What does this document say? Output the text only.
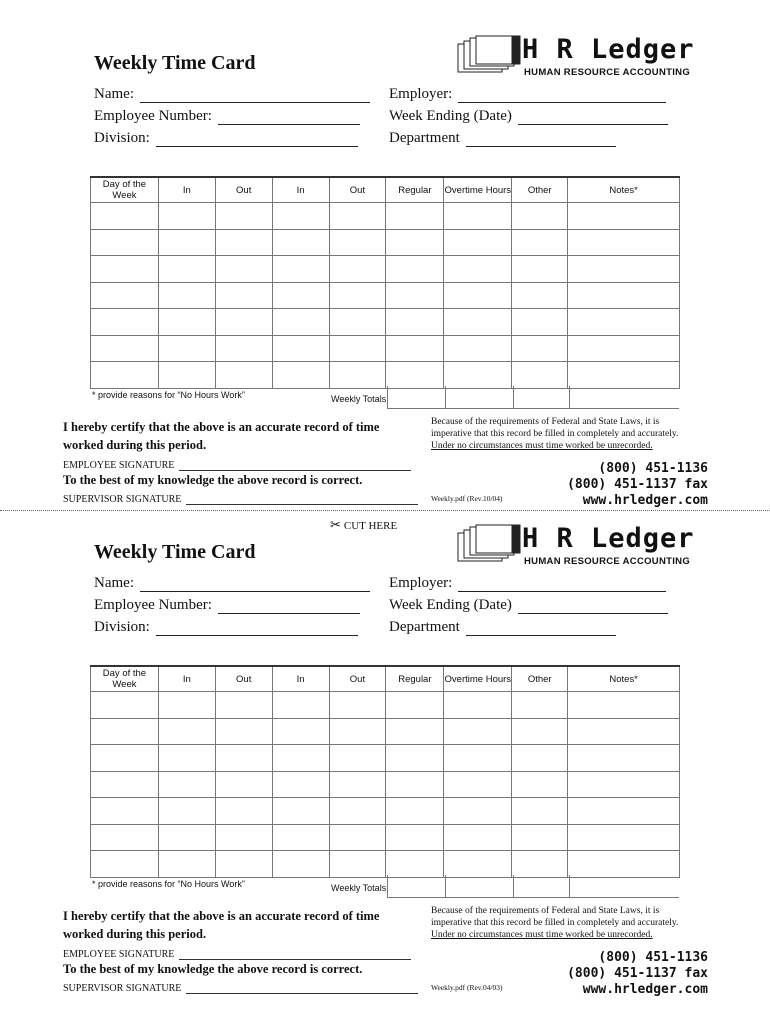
Weekly Time Card	H R Ledger
HUMAN RESOURCE ACCOUNTING
Name:
Employee Number:
Division:
Employer:
Week Ending (Date)
Department
Day of the Week	In	Out	In	Out	Regular	Overtime Hours	Other	Notes*

* provide reasons for “No Hours Work”	Weekly Totals
I hereby certify that the above is an accurate record of time worked during this period.
EMPLOYEE SIGNATURE
To the best of my knowledge the above record is correct.
SUPERVISOR SIGNATURE
Because of the requirements of Federal and State Laws, it is imperative that this record be filled in completely and accurately. Under no circumstances must time worked be unrecorded.
(800) 451-1136
(800) 451-1137 fax
www.hrledger.com
Weekly.pdf (Rev.10/04)
✂ CUT HERE
Weekly Time Card	H R Ledger
HUMAN RESOURCE ACCOUNTING
Name:
Employee Number:
Division:
Employer:
Week Ending (Date)
Department
Day of the Week	In	Out	In	Out	Regular	Overtime Hours	Other	Notes*

* provide reasons for “No Hours Work”	Weekly Totals
I hereby certify that the above is an accurate record of time worked during this period.
EMPLOYEE SIGNATURE
To the best of my knowledge the above record is correct.
SUPERVISOR SIGNATURE
Because of the requirements of Federal and State Laws, it is imperative that this record be filled in completely and accurately. Under no circumstances must time worked be unrecorded.
(800) 451-1136
(800) 451-1137 fax
www.hrledger.com
Weekly.pdf (Rev.04/03)
